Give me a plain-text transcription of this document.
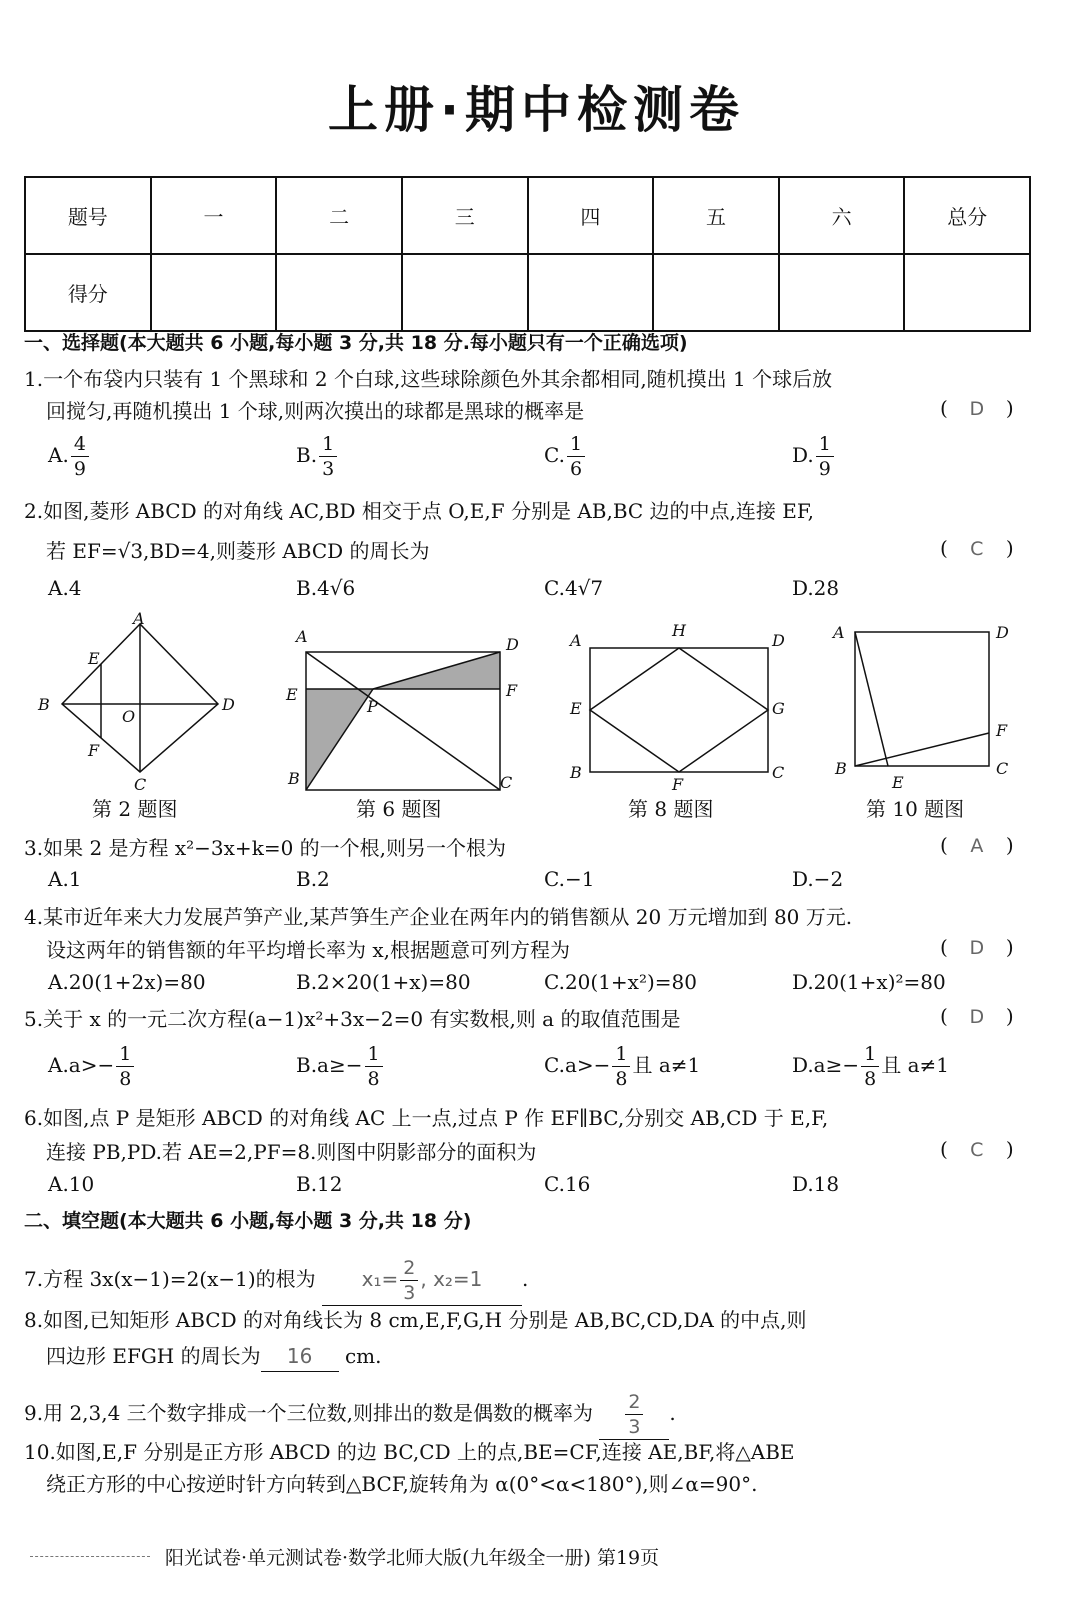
上册·期中检测卷
题号	一	二	三	四	五	六	总分
得分							
一、选择题(本大题共 6 小题,每小题 3 分,共 18 分.每小题只有一个正确选项)
1.一个布袋内只装有 1 个黑球和 2 个白球,这些球除颜色外其余都相同,随机摸出 1 个球后放
回搅匀,再随机摸出 1 个球,则两次摸出的球都是黑球的概率是	( D )
A. $\frac{4}{9}$	B. $\frac{1}{3}$	C. $\frac{1}{6}$	D. $\frac{1}{9}$
2.如图,菱形 ABCD 的对角线 AC,BD 相交于点 O,E,F 分别是 AB,BC 边的中点,连接 EF,
若 EF=√3,BD=4,则菱形 ABCD 的周长为	( C )
A.4	B.4√6	C.4√7	D.28
A
B
C
D
E
F
O
A
B	C
D
E	F
P
A
B	C
D
E
F
G
H	A
B	C
D
E
F
第 2 题图	第 6 题图	第 8 题图	第 10 题图
3.如果 2 是方程 x²−3x+k=0 的一个根,则另一个根为	( A )
A.1	B.2	C.−1	D.−2
4.某市近年来大力发展芦笋产业,某芦笋生产企业在两年内的销售额从 20 万元增加到 80 万元.
设这两年的销售额的年平均增长率为 x,根据题意可列方程为	( D )
A.20(1+2x)=80	B.2×20(1+x)=80	C.20(1+x²)=80	D.20(1+x)²=80
5.关于 x 的一元二次方程(a−1)x²+3x−2=0 有实数根,则 a 的取值范围是	( D )
$A.a>- \frac{1}{8}$	$B.a\ge- \frac{1}{8}$	$C.a>- \frac{1}{8}$ 且 a≠1	$D.a\ge- \frac{1}{8}$ 且 a≠1
6.如图,点 P 是矩形 ABCD 的对角线 AC 上一点,过点 P 作 EF∥BC,分别交 AB,CD 于 E,F,
连接 PB,PD.若 AE=2,PF=8.则图中阴影部分的面积为	( C )
A.10	B.12	C.16	D.18
二、填空题(本大题共 6 小题,每小题 3 分,共 18 分)
7.方程 3x(x−1)=2(x−1)的根为 $x_1= \frac{2}{3}$ , x₂=1 .
8.如图,已知矩形 ABCD 的对角线长为 8 cm,E,F,G,H 分别是 AB,BC,CD,DA 的中点,则
四边形 EFGH 的周长为 16 cm.
9.用 2,3,4 三个数字排成一个三位数,则排出的数是偶数的概率为 $\frac{2}{3}$ .
10.如图,E,F 分别是正方形 ABCD 的边 BC,CD 上的点,BE=CF,连接 AE,BF,将△ABE
绕正方形的中心按逆时针方向转到△BCF,旋转角为 α(0°<α<180°),则∠α=90°.
阳光试卷·单元测试卷·数学北师大版(九年级全一册) 第19页
